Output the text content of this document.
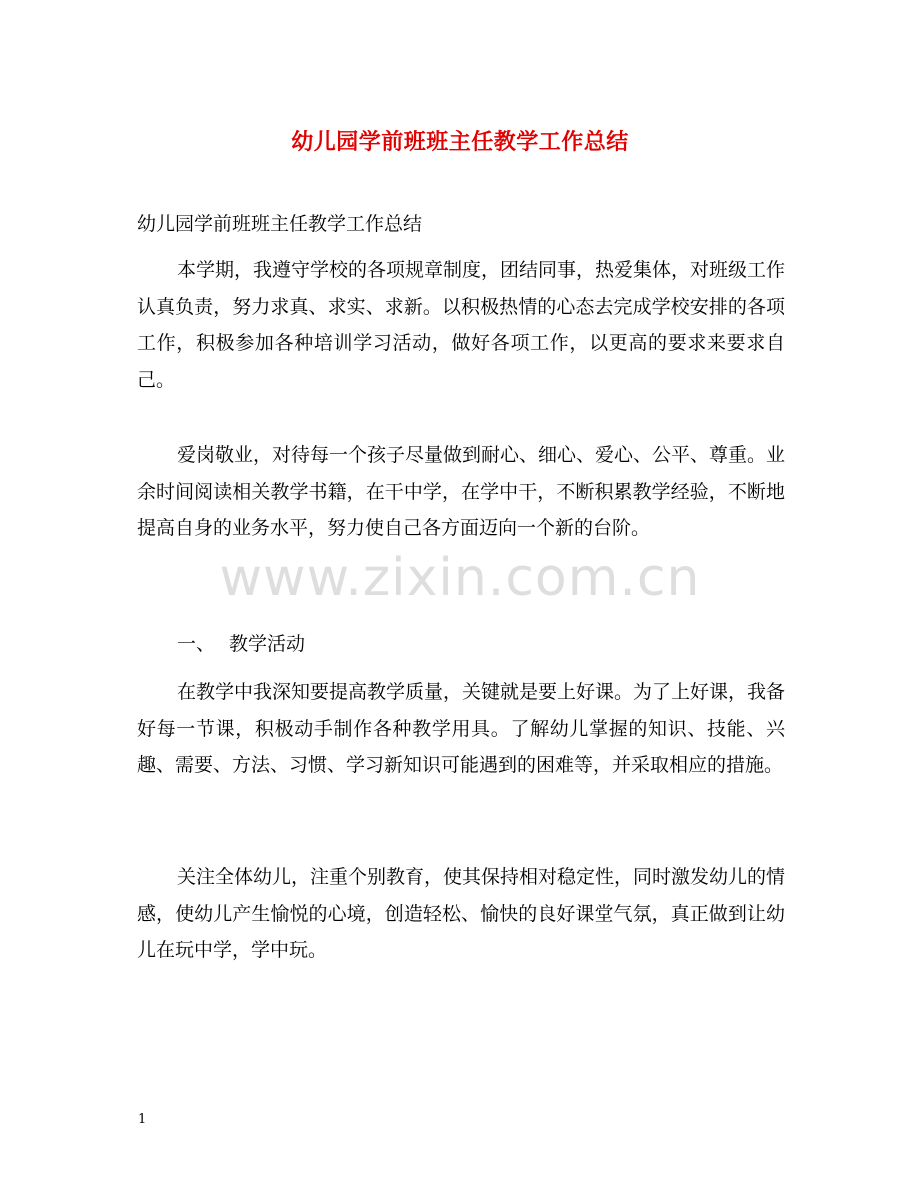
幼儿园学前班班主任教学工作总结
幼儿园学前班班主任教学工作总结

本学期，我遵守学校的各项规章制度，团结同事，热爱集体，对班级工作认真负责，努力求真、求实、求新。以积极热情的心态去完成学校安排的各项工作，积极参加各种培训学习活动，做好各项工作，以更高的要求来要求自己。

爱岗敬业，对待每一个孩子尽量做到耐心、细心、爱心、公平、尊重。业余时间阅读相关教学书籍，在干中学，在学中干，不断积累教学经验，不断地提高自身的业务水平，努力使自己各方面迈向一个新的台阶。

一、 教学活动

在教学中我深知要提高教学质量，关键就是要上好课。为了上好课，我备好每一节课，积极动手制作各种教学用具。了解幼儿掌握的知识、技能、兴趣、需要、方法、习惯、学习新知识可能遇到的困难等，并采取相应的措施。

关注全体幼儿，注重个别教育，使其保持相对稳定性，同时激发幼儿的情感，使幼儿产生愉悦的心境，创造轻松、愉快的良好课堂气氛，真正做到让幼儿在玩中学，学中玩。

www.zixin.com.cn
1
